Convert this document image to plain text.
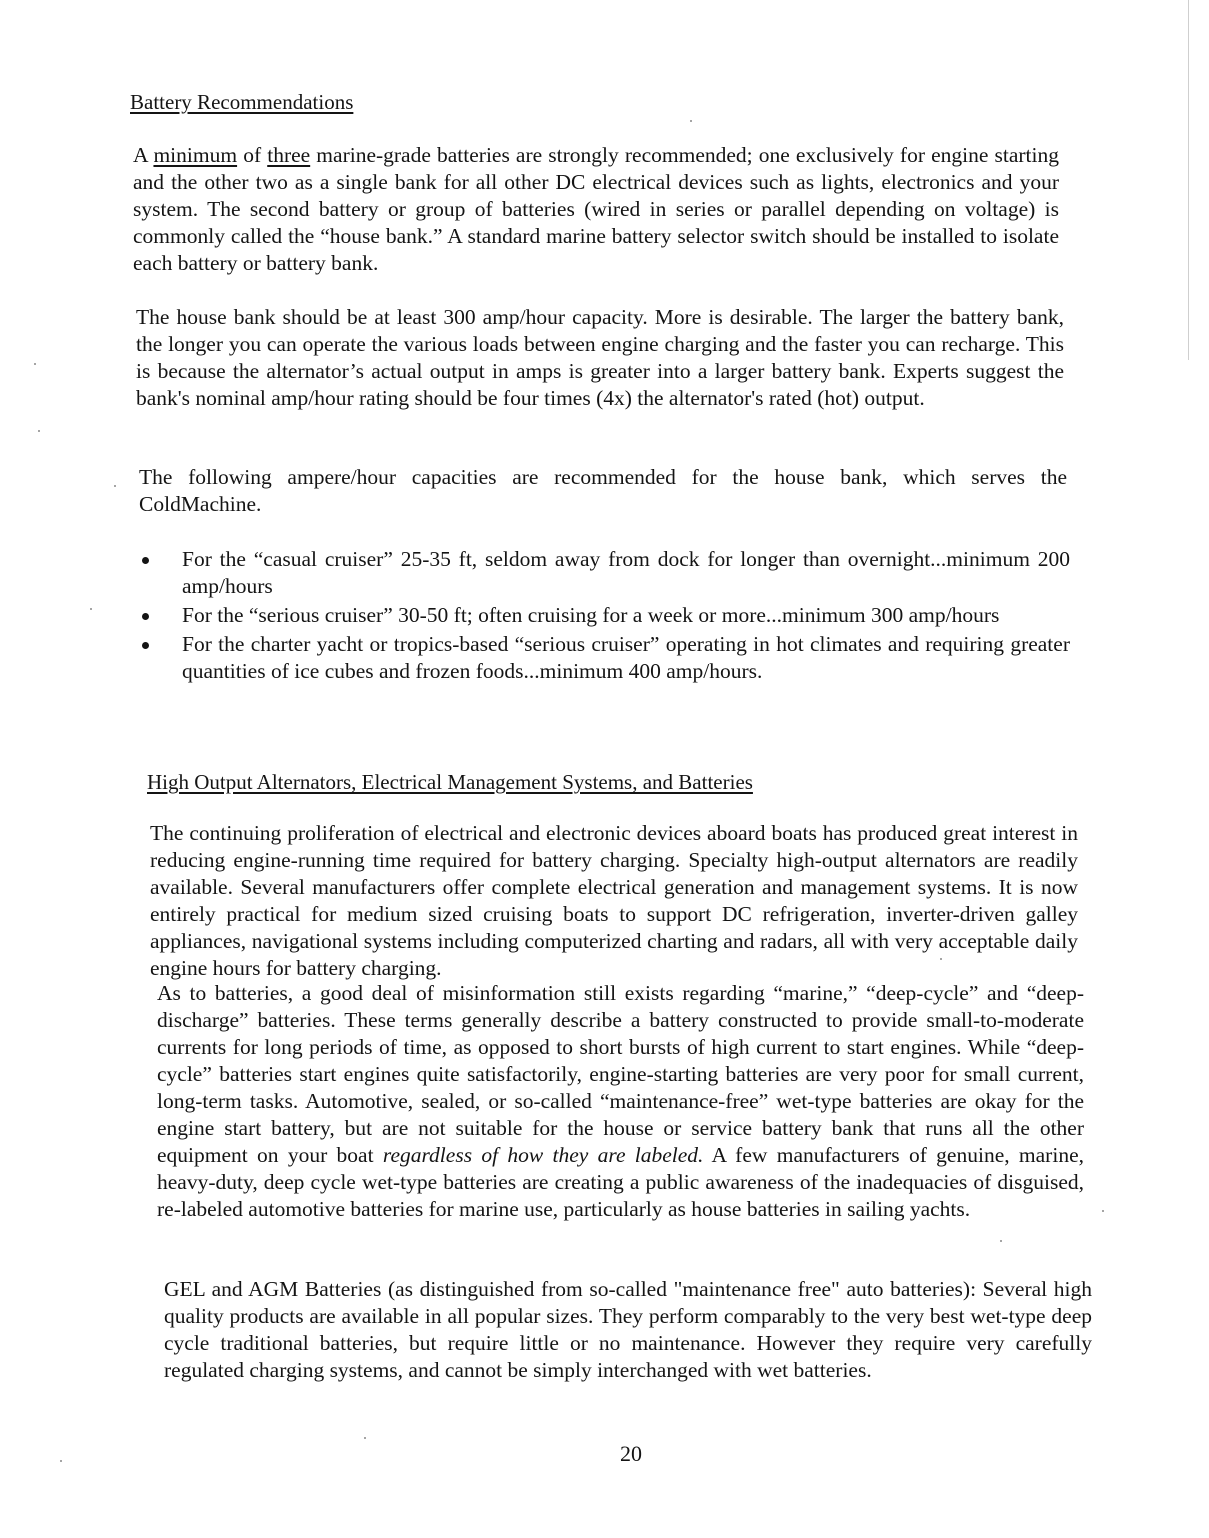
Battery Recommendations

A minimum of three marine-grade batteries are strongly recommended; one exclusively for engine starting and the other two as a single bank for all other DC electrical devices such as lights, electronics and your system. The second battery or group of batteries (wired in series or parallel depending on voltage) is commonly called the “house bank.” A standard marine battery selector switch should be installed to isolate each battery or battery bank.

The house bank should be at least 300 amp/hour capacity. More is desirable. The larger the battery bank, the longer you can operate the various loads between engine charging and the faster you can recharge. This is because the alternator’s actual output in amps is greater into a larger battery bank. Experts suggest the bank's nominal amp/hour rating should be four times (4x) the alternator's rated (hot) output.

The following ampere/hour capacities are recommended for the house bank, which serves the ColdMachine.

For the “casual cruiser” 25-35 ft, seldom away from dock for longer than overnight...minimum 200 amp/hours
For the “serious cruiser” 30-50 ft; often cruising for a week or more...minimum 300 amp/hours
For the charter yacht or tropics-based “serious cruiser” operating in hot climates and requiring greater quantities of ice cubes and frozen foods...minimum 400 amp/hours.
High Output Alternators, Electrical Management Systems, and Batteries

The continuing proliferation of electrical and electronic devices aboard boats has produced great interest in reducing engine-running time required for battery charging. Specialty high-output alternators are readily available. Several manufacturers offer complete electrical generation and management systems. It is now entirely practical for medium sized cruising boats to support DC refrigeration, inverter-driven galley appliances, navigational systems including computerized charting and radars, all with very acceptable daily engine hours for battery charging.

As to batteries, a good deal of misinformation still exists regarding “marine,” “deep-cycle” and “deep-discharge” batteries. These terms generally describe a battery constructed to provide small-to-moderate currents for long periods of time, as opposed to short bursts of high current to start engines. While “deep-cycle” batteries start engines quite satisfactorily, engine-starting batteries are very poor for small current, long-term tasks. Automotive, sealed, or so-called “maintenance-free” wet-type batteries are okay for the engine start battery, but are not suitable for the house or service battery bank that runs all the other equipment on your boat regardless of how they are labeled. A few manufacturers of genuine, marine, heavy-duty, deep cycle wet-type batteries are creating a public awareness of the inadequacies of disguised, re-labeled automotive batteries for marine use, particularly as house batteries in sailing yachts.

GEL and AGM Batteries (as distinguished from so-called "maintenance free" auto batteries): Several high quality products are available in all popular sizes. They perform comparably to the very best wet-type deep cycle traditional batteries, but require little or no maintenance. However they require very carefully regulated charging systems, and cannot be simply interchanged with wet batteries.

20
